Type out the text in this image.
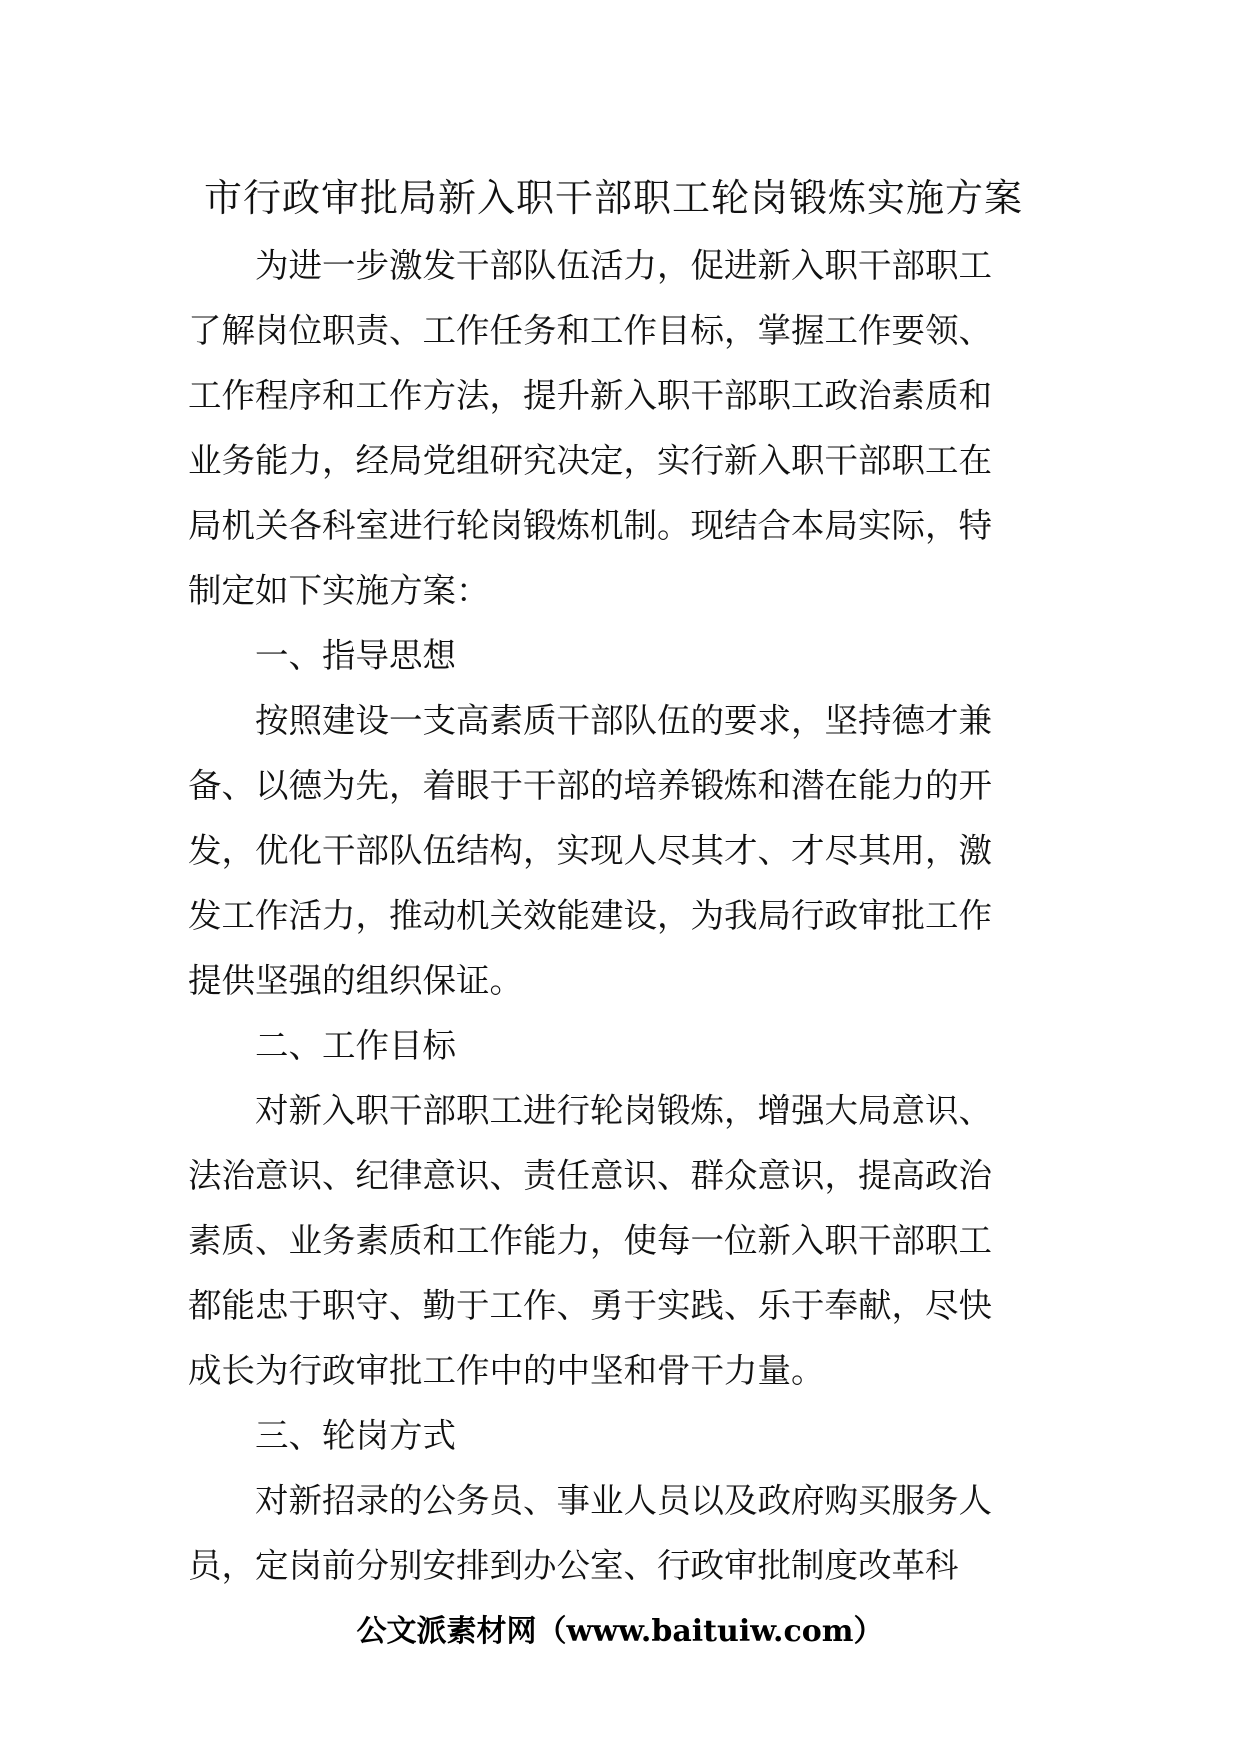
市行政审批局新入职干部职工轮岗锻炼实施方案

为进一步激发干部队伍活力，促进新入职干部职工了解岗位职责、工作任务和工作目标，掌握工作要领、工作程序和工作方法，提升新入职干部职工政治素质和业务能力，经局党组研究决定，实行新入职干部职工在局机关各科室进行轮岗锻炼机制。现结合本局实际，特制定如下实施方案：

一、指导思想

按照建设一支高素质干部队伍的要求，坚持德才兼备、以德为先，着眼于干部的培养锻炼和潜在能力的开发，优化干部队伍结构，实现人尽其才、才尽其用，激发工作活力，推动机关效能建设，为我局行政审批工作提供坚强的组织保证。

二、工作目标

对新入职干部职工进行轮岗锻炼，增强大局意识、法治意识、纪律意识、责任意识、群众意识，提高政治素质、业务素质和工作能力，使每一位新入职干部职工都能忠于职守、勤于工作、勇于实践、乐于奉献，尽快成长为行政审批工作中的中坚和骨干力量。

三、轮岗方式

对新招录的公务员、事业人员以及政府购买服务人员，定岗前分别安排到办公室、行政审批制度改革科

公文派素材网（www.baituiw.com）
